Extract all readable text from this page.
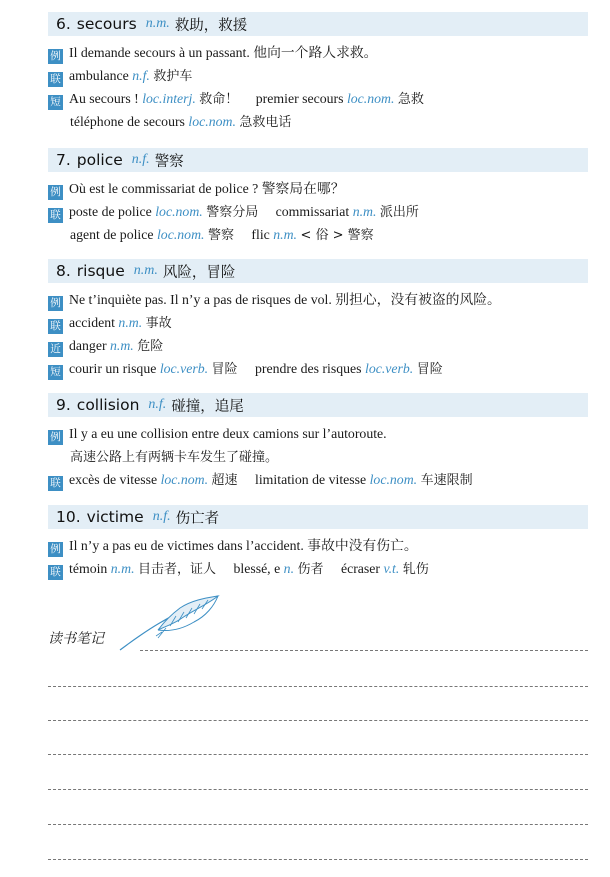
6. secours n.m. 救助，救援
例 Il demande secours à un passant. 他向一个路人求救。
联 ambulance n.f. 救护车
短 Au secours ! loc.interj. 救命！ premier secours loc.nom. 急救
téléphone de secours loc.nom. 急救电话
7. police n.f. 警察
例 Où est le commissariat de police ? 警察局在哪？
联 poste de police loc.nom. 警察分局 commissariat n.m. 派出所
agent de police loc.nom. 警察 flic n.m. < 俗 > 警察
8. risque n.m. 风险，冒险
例 Ne t’inquiète pas. Il n’y a pas de risques de vol. 别担心，没有被盗的风险。
联 accident n.m. 事故
近 danger n.m. 危险
短 courir un risque loc.verb. 冒险 prendre des risques loc.verb. 冒险
9. collision n.f. 碰撞，追尾
例 Il y a eu une collision entre deux camions sur l’autoroute.
高速公路上有两辆卡车发生了碰撞。
联 excès de vitesse loc.nom. 超速 limitation de vitesse loc.nom. 车速限制
10. victime n.f. 伤亡者
例 Il n’y a pas eu de victimes dans l’accident. 事故中没有伤亡。
联 témoin n.m. 目击者，证人 blessé, e n. 伤者 écraser v.t. 轧伤
读书笔记
